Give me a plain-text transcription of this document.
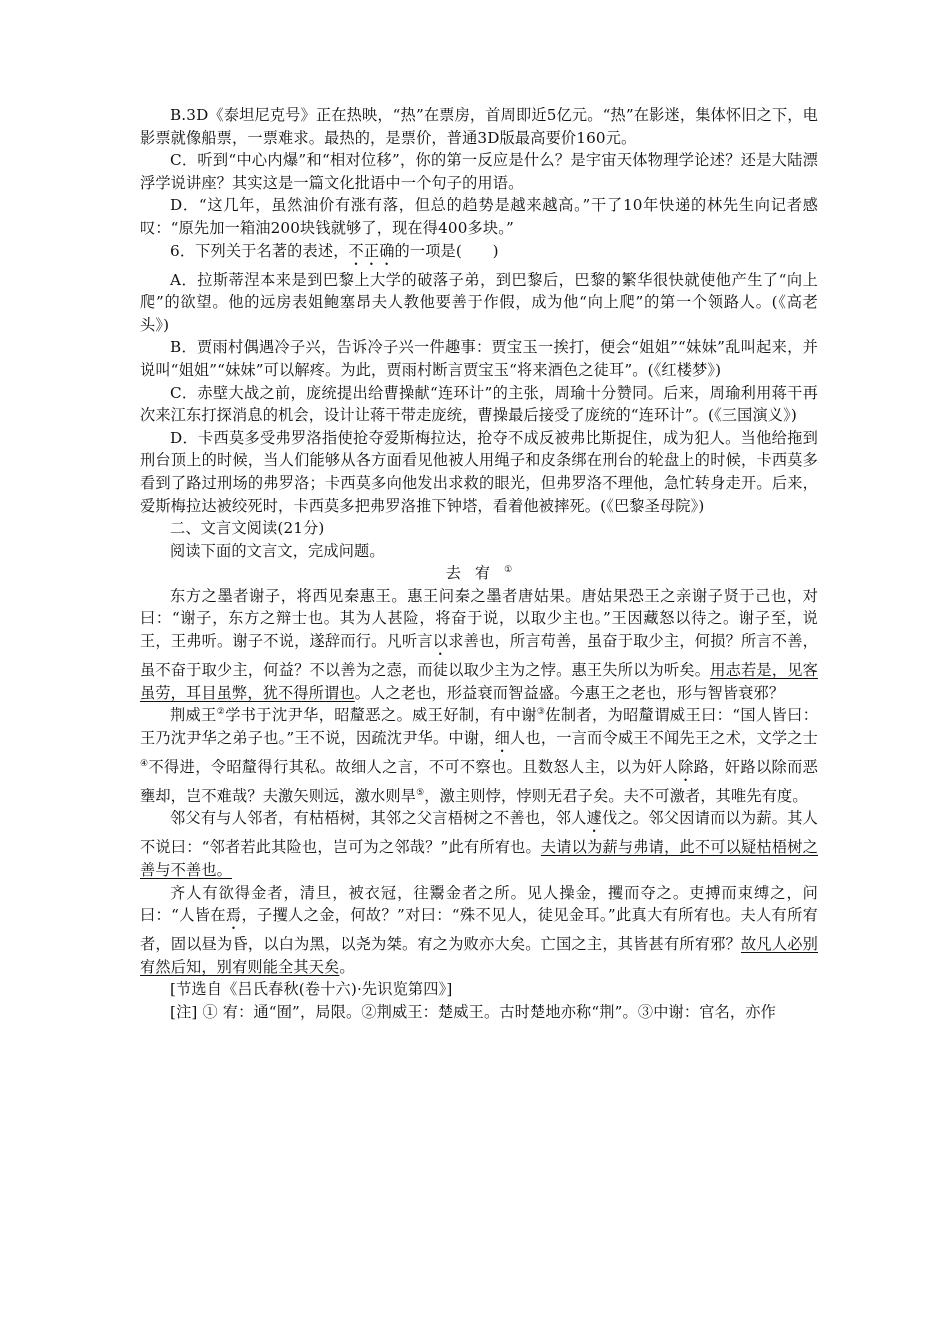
B.3D《泰坦尼克号》正在热映，“热”在票房，首周即近5亿元。“热”在影迷，集体怀旧之下，电影票就像船票，一票难求。最热的，是票价，普通3D版最高要价160元。

C．听到“中心内爆”和“相对位移”，你的第一反应是什么？是宇宙天体物理学论述？还是大陆漂浮学说讲座？其实这是一篇文化批语中一个句子的用语。

D．“这几年，虽然油价有涨有落，但总的趋势是越来越高。”干了10年快递的林先生向记者感叹：“原先加一箱油200块钱就够了，现在得400多块。”

6．下列关于名著的表述，不正确的一项是(　　)

A．拉斯蒂涅本来是到巴黎上大学的破落子弟，到巴黎后，巴黎的繁华很快就使他产生了“向上爬”的欲望。他的远房表姐鲍塞昂夫人教他要善于作假，成为他“向上爬”的第一个领路人。(《高老头》)

B．贾雨村偶遇冷子兴，告诉冷子兴一件趣事：贾宝玉一挨打，便会“姐姐”“妹妹”乱叫起来，并说叫“姐姐”“妹妹”可以解疼。为此，贾雨村断言贾宝玉“将来酒色之徒耳”。(《红楼梦》)

C．赤壁大战之前，庞统提出给曹操献“连环计”的主张，周瑜十分赞同。后来，周瑜利用蒋干再次来江东打探消息的机会，设计让蒋干带走庞统，曹操最后接受了庞统的“连环计”。(《三国演义》)

D．卡西莫多受弗罗洛指使抢夺爱斯梅拉达，抢夺不成反被弗比斯捉住，成为犯人。当他给拖到刑台顶上的时候，当人们能够从各方面看见他被人用绳子和皮条绑在刑台的轮盘上的时候，卡西莫多看到了路过刑场的弗罗洛；卡西莫多向他发出求救的眼光，但弗罗洛不理他，急忙转身走开。后来，爱斯梅拉达被绞死时，卡西莫多把弗罗洛推下钟塔，看着他被摔死。(《巴黎圣母院》)

二、文言文阅读(21分)

阅读下面的文言文，完成问题。

去宥①

东方之墨者谢子，将西见秦惠王。惠王问秦之墨者唐姑果。唐姑果恐王之亲谢子贤于己也，对曰：“谢子，东方之辩士也。其为人甚险，将奋于说，以取少主也。”王因藏怒以待之。谢子至，说王，王弗听。谢子不说，遂辞而行。凡听言以求善也，所言苟善，虽奋于取少主，何损？所言不善，虽不奋于取少主，何益？不以善为之悫，而徒以取少主为之悖。惠王失所以为听矣。用志若是，见客虽劳，耳目虽弊，犹不得所谓也。人之老也，形益衰而智益盛。今惠王之老也，形与智皆衰邪？

荆威王②学书于沈尹华，昭釐恶之。威王好制，有中谢③佐制者，为昭釐谓威王曰：“国人皆曰：王乃沈尹华之弟子也。”王不说，因疏沈尹华。中谢，细人也，一言而令威王不闻先王之术，文学之士④不得进，令昭釐得行其私。故细人之言，不可不察也。且数怒人主，以为奸人除路，奸路以除而恶壅却，岂不难哉？夫激矢则远，激水则旱⑤，激主则悖，悖则无君子矣。夫不可激者，其唯先有度。

邻父有与人邻者，有枯梧树，其邻之父言梧树之不善也，邻人遽伐之。邻父因请而以为薪。其人不说曰：“邻者若此其险也，岂可为之邻哉？”此有所宥也。夫请以为薪与弗请，此不可以疑枯梧树之善与不善也。

齐人有欲得金者，清旦，被衣冠，往鬻金者之所。见人操金，攫而夺之。吏搏而束缚之，问曰：“人皆在焉，子攫人之金，何故？”对曰：“殊不见人，徒见金耳。”此真大有所宥也。夫人有所宥者，固以昼为昏，以白为黑，以尧为桀。宥之为败亦大矣。亡国之主，其皆甚有所宥邪？故凡人必别宥然后知，别宥则能全其天矣。

[节选自《吕氏春秋(卷十六)·先识览第四》]

[注] ① 宥：通“囿”，局限。②荆威王：楚威王。古时楚地亦称“荆”。③中谢：官名，亦作
